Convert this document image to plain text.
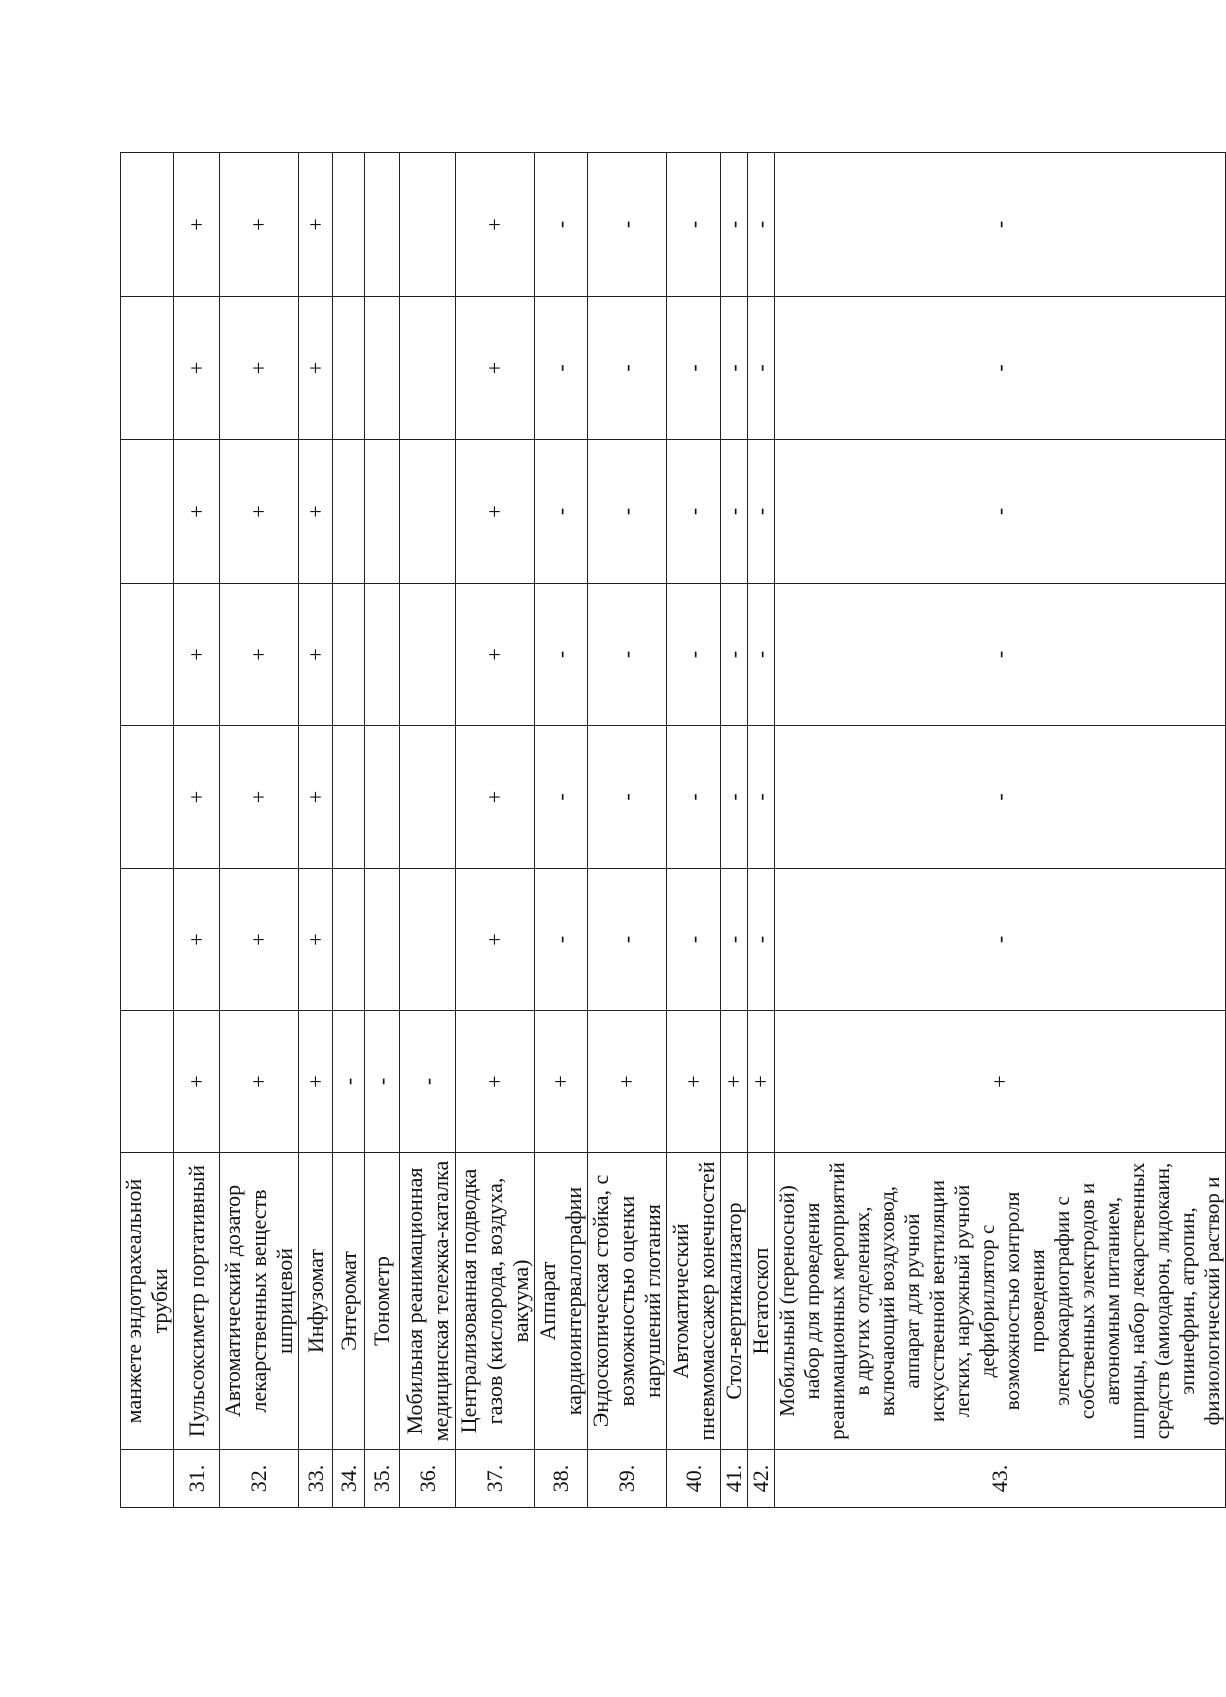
	манжете эндотрахеальной трубки							
31.	Пульсоксиметр портативный	+	+	+	+	+	+	+
32.	Автоматический дозатор лекарственных веществ шприцевой	+	+	+	+	+	+	+
33.	Инфузомат	+	+	+	+	+	+	+
34.	Энтеромат	-						
35.	Тонометр	-						
36.	Мобильная реанимационная медицинская тележка-каталка	-						
37.	Централизованная подводка газов (кислорода, воздуха, вакуума)	+	+	+	+	+	+	+
38.	Аппарат кардиоинтервалографии	+	-	-	-	-	-	-
39.	Эндоскопическая стойка, с возможностью оценки нарушений глотания	+	-	-	-	-	-	-
40.	Автоматический пневмомассажер конечностей	+	-	-	-	-	-	-
41.	Стол-вертикализатор	+	-	-	-	-	-	-
42.	Негатоскоп	+	-	-	-	-	-	-
43.	Мобильный (переносной) набор для проведения реанимационных мероприятий в других отделениях, включающий воздуховод, аппарат для ручной искусственной вентиляции легких, наружный ручной дефибриллятор с возможностью контроля проведения электрокардиографии с собственных электродов и автономным питанием, шприцы, набор лекарственных средств (амиодарон, лидокаин, эпинефрин, атропин, физиологический раствор и	+	-	-	-	-	-	-
